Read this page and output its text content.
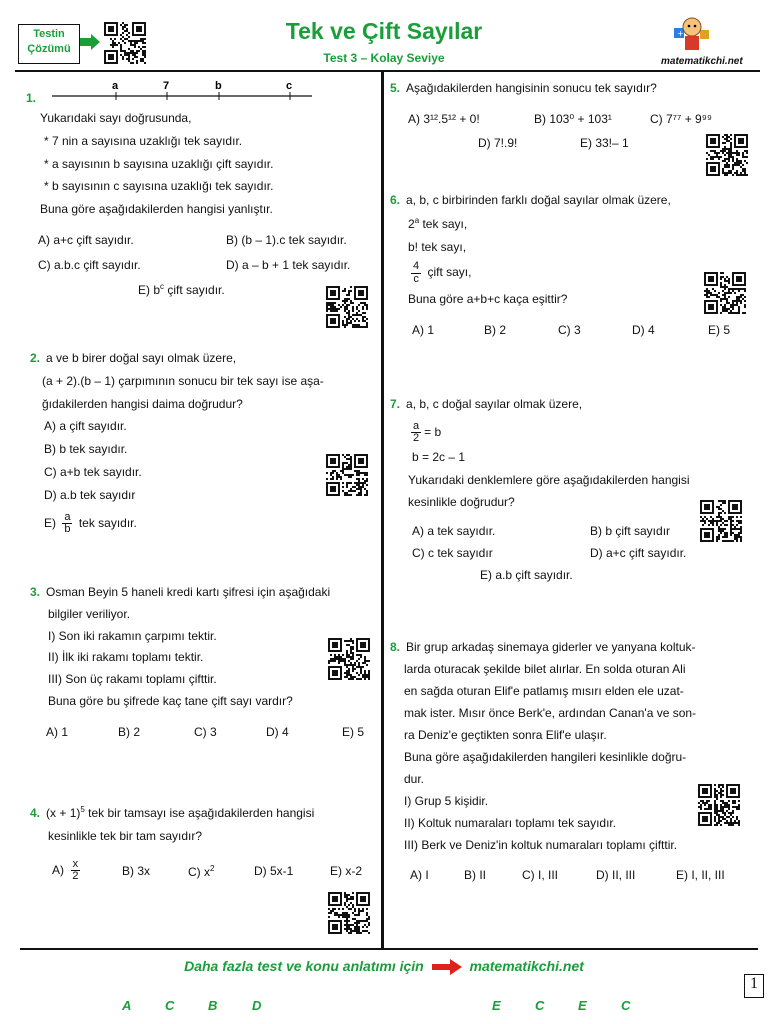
Testin
Çözümü
Tek ve Çift Sayılar
Test 3 – Kolay Seviye
+
matematikchi.net
a	7	b	c
1.
Yukarıdaki sayı doğrusunda,
* 7 nin a sayısına uzaklığı tek sayıdır.
* a sayısının b sayısına uzaklığı çift sayıdır.
* b sayısının c sayısına uzaklığı tek sayıdır.
Buna göre aşağıdakilerden hangisi yanlıştır.
A) a+c çift sayıdır.	B) (b – 1).c tek sayıdır.
C) a.b.c çift sayıdır.	D) a – b + 1 tek sayıdır.
E) $b^c$ çift sayıdır.
2. a ve b birer doğal sayı olmak üzere,
(a + 2).(b – 1) çarpımının sonucu bir tek sayı ise aşa-
ğıdakilerden hangisi daima doğrudur?
A) a çift sayıdır.
B) b tek sayıdır.
C) a+b tek sayıdır.
D) a.b tek sayıdır
$E) \frac{a}{b}$ tek sayıdır.
3. Osman Beyin 5 haneli kredi kartı şifresi için aşağıdaki
bilgiler veriliyor.
I) Son iki rakamın çarpımı tektir.
II) İlk iki rakamı toplamı tektir.
III) Son üç rakamı toplamı çifttir.
Buna göre bu şifrede kaç tane çift sayı vardır?
A) 1	B) 2	C) 3	D) 4	E) 5
4. $(x + 1)^5$ tek bir tamsayı ise aşağıdakilerden hangisi
kesinlikle tek bir tam sayıdır?
$A) \frac{x}{2}$	B) 3x	C) $x^2$	D) 5x-1	E) x-2
5. Aşağıdakilerden hangisinin sonucu tek sayıdır?
A) 3¹².5¹² + 0!	B) 103⁰ + 103¹	C) 7⁷⁷ + 9⁹⁹
D) 7!.9!	E) 33!– 1
6. a, b, c birbirinden farklı doğal sayılar olmak üzere,
2$^a$ tek sayı,
b! tek sayı,
$\frac{4}{c}$ çift sayı,
Buna göre a+b+c kaça eşittir?
A) 1	B) 2	C) 3	D) 4	E) 5
7. a, b, c doğal sayılar olmak üzere,
$\frac{a}{2} = b$
b = 2c – 1
Yukarıdaki denklemlere göre aşağıdakilerden hangisi
kesinlikle doğrudur?
A) a tek sayıdır.	B) b çift sayıdır
C) c tek sayıdır	D) a+c çift sayıdır.
E) a.b çift sayıdır.
8. Bir grup arkadaş sinemaya giderler ve yanyana koltuk-
larda oturacak şekilde bilet alırlar. En solda oturan Ali
en sağda oturan Elif'e patlamış mısırı elden ele uzat-
mak ister. Mısır önce Berk'e, ardından Canan'a ve son-
ra Deniz'e geçtikten sonra Elif'e ulaşır.
Buna göre aşağıdakilerden hangileri kesinlikle doğru-
dur.
I) Grup 5 kişidir.
II) Koltuk numaraları toplamı tek sayıdır.
III) Berk ve Deniz'in koltuk numaraları toplamı çifttir.
A) I	B) II	C) I, III	D) II, III	E) I, II, III
Daha fazla test ve konu anlatımı için	matematikchi.net
1
A	C	B	D	E	C	E	C
